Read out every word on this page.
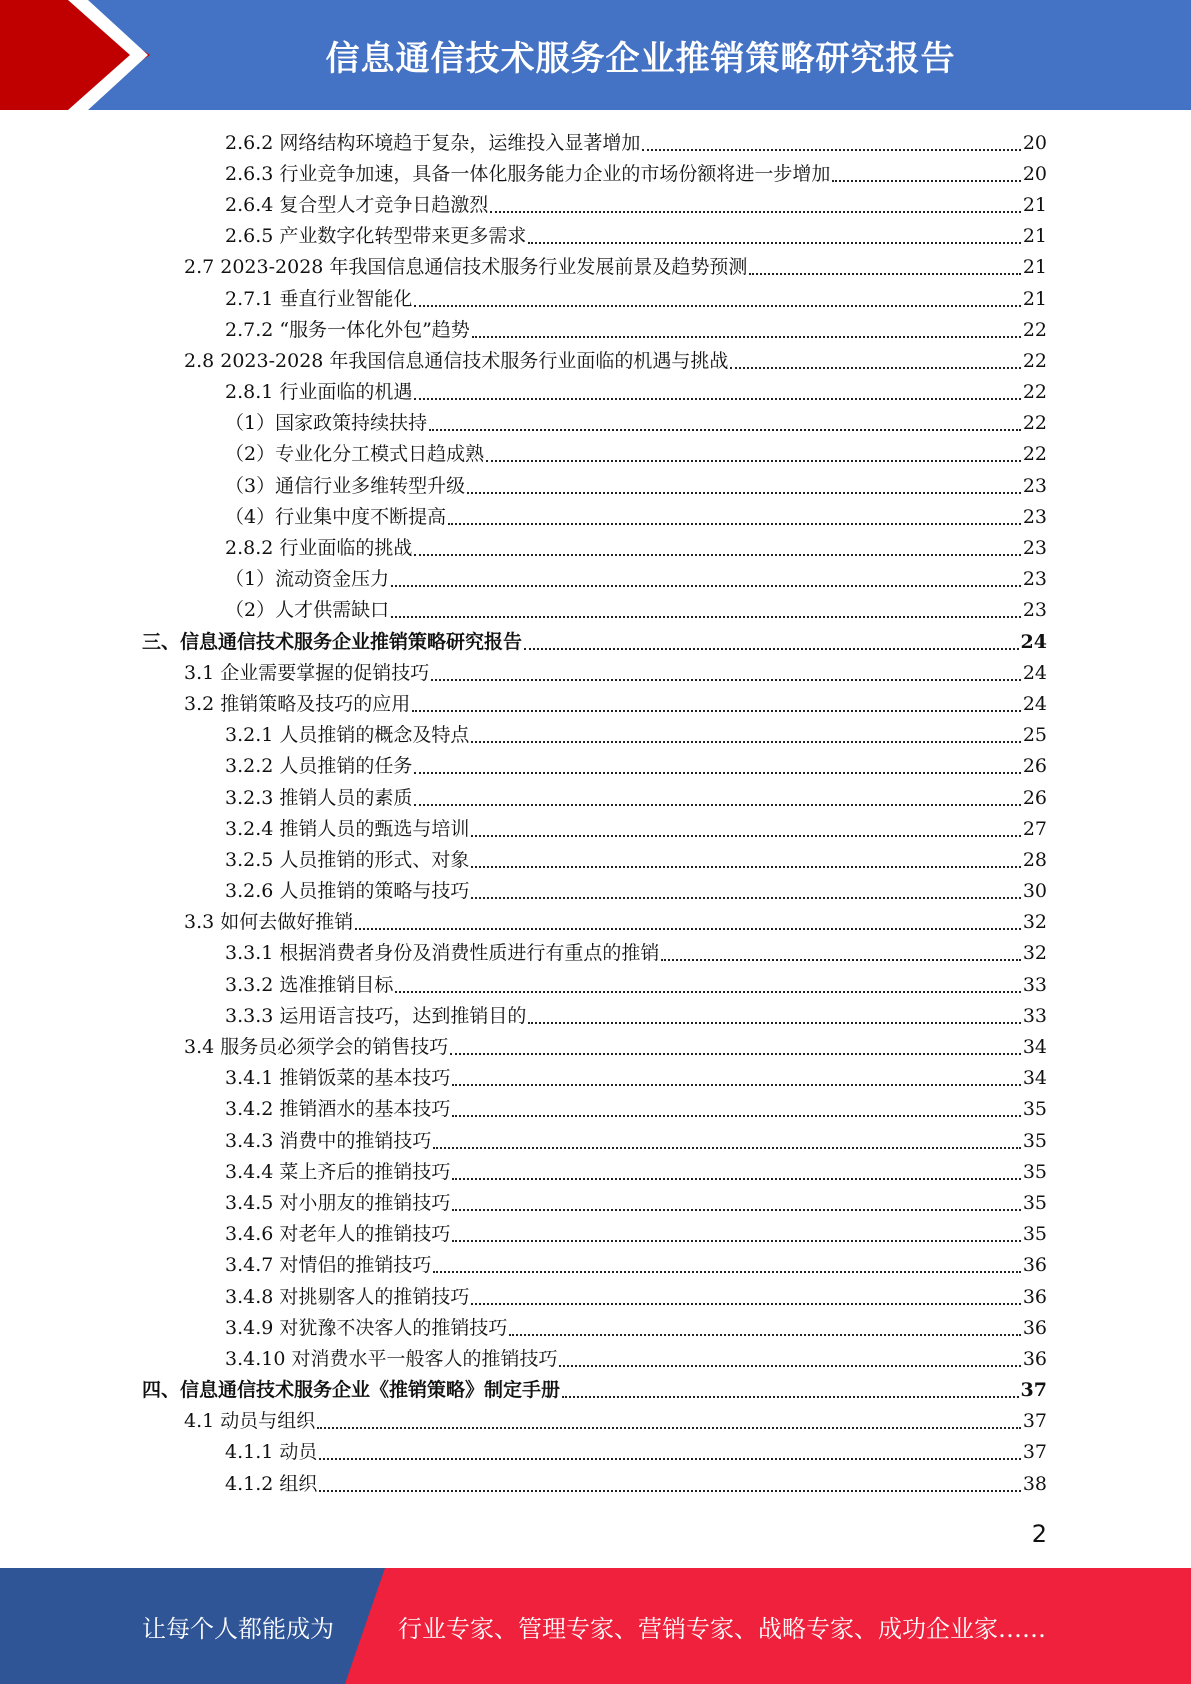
信息通信技术服务企业推销策略研究报告
2.6.2 网络结构环境趋于复杂，运维投入显著增加	20
2.6.3 行业竞争加速，具备一体化服务能力企业的市场份额将进一步增加	20
2.6.4 复合型人才竞争日趋激烈	21
2.6.5 产业数字化转型带来更多需求	21
2.7 2023-2028 年我国信息通信技术服务行业发展前景及趋势预测	21
2.7.1 垂直行业智能化	21
2.7.2 “服务一体化外包”趋势	22
2.8 2023-2028 年我国信息通信技术服务行业面临的机遇与挑战	22
2.8.1 行业面临的机遇	22
（1）国家政策持续扶持	22
（2）专业化分工模式日趋成熟	22
（3）通信行业多维转型升级	23
（4）行业集中度不断提高	23
2.8.2 行业面临的挑战	23
（1）流动资金压力	23
（2）人才供需缺口	23
三、信息通信技术服务企业推销策略研究报告	24
3.1 企业需要掌握的促销技巧	24
3.2 推销策略及技巧的应用	24
3.2.1 人员推销的概念及特点	25
3.2.2 人员推销的任务	26
3.2.3 推销人员的素质	26
3.2.4 推销人员的甄选与培训	27
3.2.5 人员推销的形式、对象	28
3.2.6 人员推销的策略与技巧	30
3.3 如何去做好推销	32
3.3.1 根据消费者身份及消费性质进行有重点的推销	32
3.3.2 选准推销目标	33
3.3.3 运用语言技巧，达到推销目的	33
3.4 服务员必须学会的销售技巧	34
3.4.1 推销饭菜的基本技巧	34
3.4.2 推销酒水的基本技巧	35
3.4.3 消费中的推销技巧	35
3.4.4 菜上齐后的推销技巧	35
3.4.5 对小朋友的推销技巧	35
3.4.6 对老年人的推销技巧	35
3.4.7 对情侣的推销技巧	36
3.4.8 对挑剔客人的推销技巧	36
3.4.9 对犹豫不决客人的推销技巧	36
3.4.10 对消费水平一般客人的推销技巧	36
四、信息通信技术服务企业《推销策略》制定手册	37
4.1 动员与组织	37
4.1.1 动员	37
4.1.2 组织	38
2
让每个人都能成为	行业专家、管理专家、营销专家、战略专家、成功企业家……
